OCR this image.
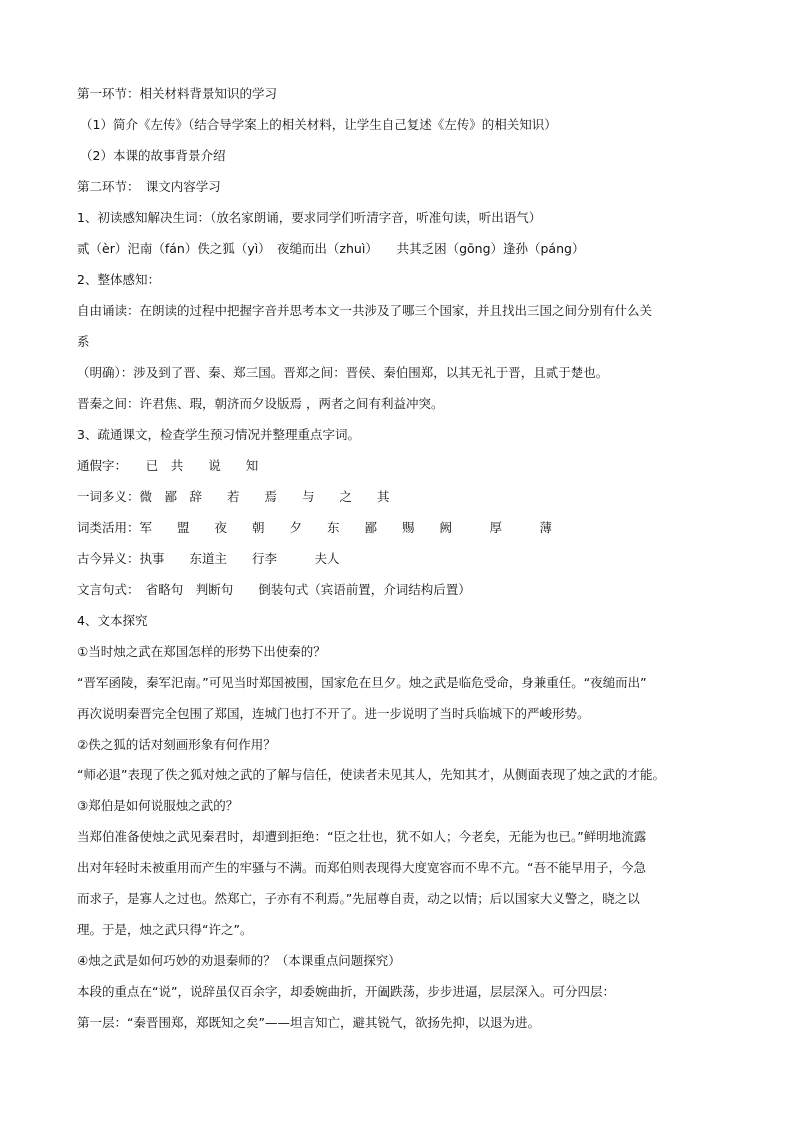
第一环节：相关材料背景知识的学习
（1）简介《左传》（结合导学案上的相关材料，让学生自己复述《左传》的相关知识）
（2）本课的故事背景介绍
第二环节：　课文内容学习
1、初读感知解决生词：（放名家朗诵，要求同学们听清字音，听准句读，听出语气）
贰（èr）汜南（fán）佚之狐（yì）　夜缒而出（zhuì）　　共其乏困（gōng）逢孙（páng）
2、整体感知：
自由诵读：在朗读的过程中把握字音并思考本文一共涉及了哪三个国家，并且找出三国之间分别有什么关
系
（明确）：涉及到了晋、秦、郑三国。晋郑之间：晋侯、秦伯围郑，以其无礼于晋，且贰于楚也。
晋秦之间：许君焦、瑕，朝济而夕设版焉 ，两者之间有利益冲突。
3、疏通课文，检查学生预习情况并整理重点字词。
通假字：　　已　共　　说　　知
一词多义：微　鄙　辞　　若　　焉　　与　　之　　其
词类活用：军　　盟　　夜　　朝　　夕　　东　　鄙　　赐　　阙　　　厚　　　薄
古今异义：执事　　东道主　　行李　　　夫人
文言句式：　省略句　判断句　　倒装句式（宾语前置，介词结构后置）
4、文本探究
①当时烛之武在郑国怎样的形势下出使秦的？
“晋军函陵，秦军汜南。”可见当时郑国被围，国家危在旦夕。烛之武是临危受命，身兼重任。“夜缒而出”
再次说明秦晋完全包围了郑国，连城门也打不开了。进一步说明了当时兵临城下的严峻形势。
②佚之狐的话对刻画形象有何作用？
“师必退”表现了佚之狐对烛之武的了解与信任，使读者未见其人，先知其才，从侧面表现了烛之武的才能。
③郑伯是如何说服烛之武的？
当郑伯准备使烛之武见秦君时，却遭到拒绝：“臣之壮也，犹不如人；今老矣，无能为也已。”鲜明地流露
出对年轻时未被重用而产生的牢骚与不满。而郑伯则表现得大度宽容而不卑不亢。“吾不能早用子，今急
而求子，是寡人之过也。然郑亡，子亦有不利焉。”先屈尊自责，动之以情；后以国家大义警之，晓之以
理。于是，烛之武只得“许之”。
④烛之武是如何巧妙的劝退秦师的？（本课重点问题探究）
本段的重点在“说”，说辞虽仅百余字，却委婉曲折，开阖跌荡，步步进逼，层层深入。可分四层：
第一层：“秦晋围郑，郑既知之矣”——坦言知亡，避其锐气，欲扬先抑，以退为进。
